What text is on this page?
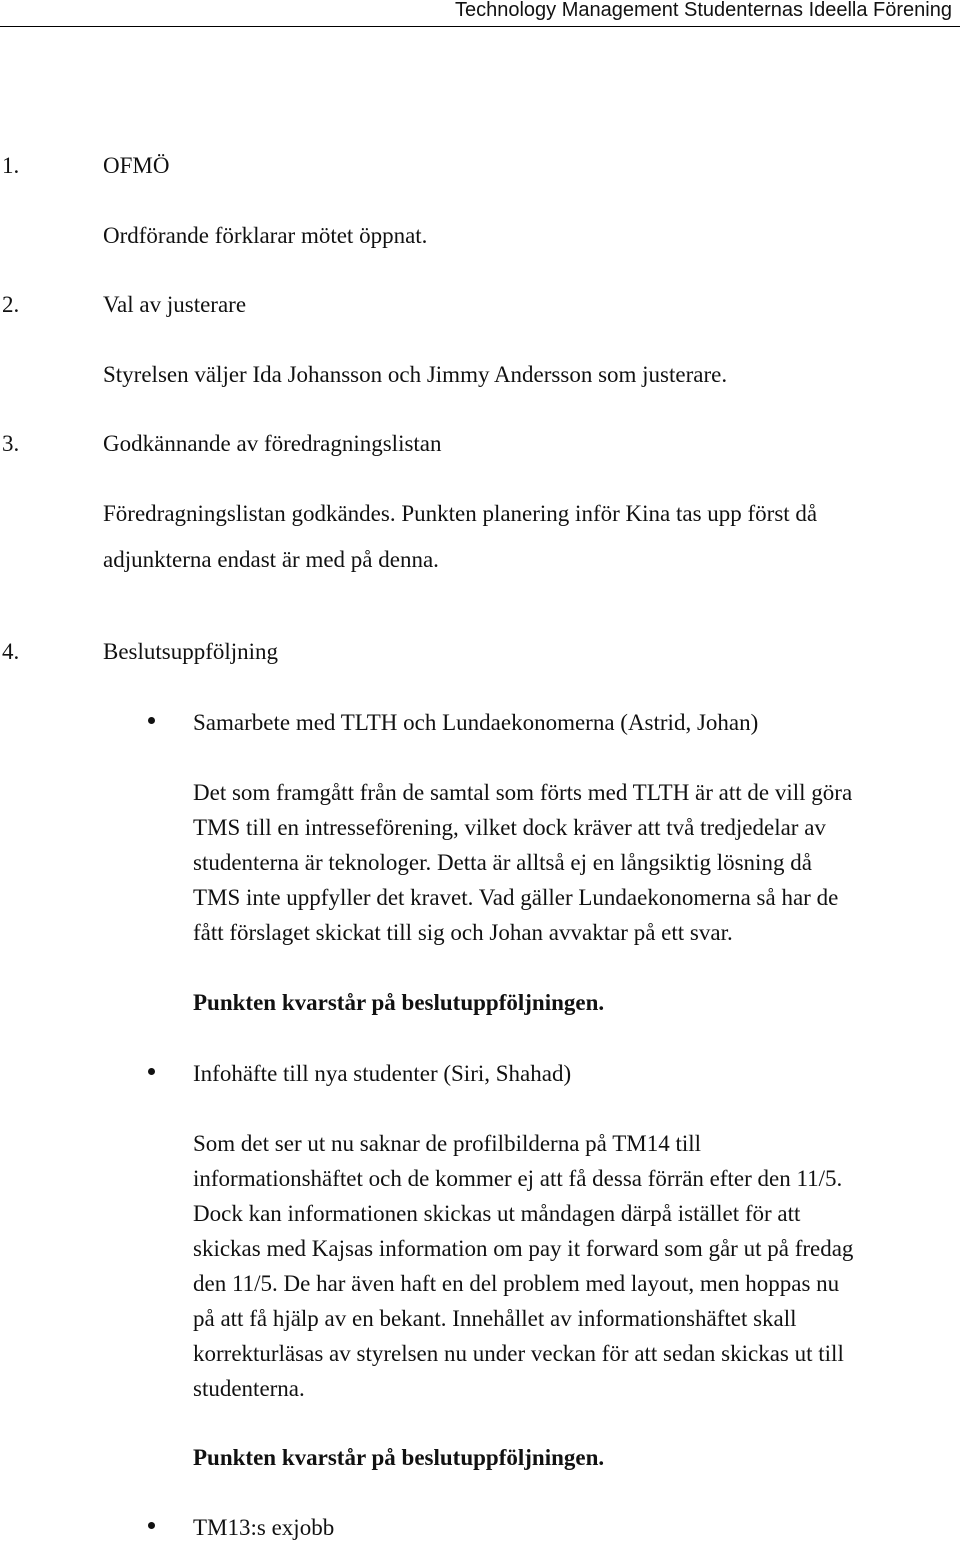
Technology Management Studenternas Ideella Förening
1.	OFMÖ
Ordförande förklarar mötet öppnat.
2.	Val av justerare
Styrelsen väljer Ida Johansson och Jimmy Andersson som justerare.
3.	Godkännande av föredragningslistan
Föredragningslistan godkändes. Punkten planering inför Kina tas upp först då
adjunkterna endast är med på denna.
4.	Beslutsuppföljning
Samarbete med TLTH och Lundaekonomerna (Astrid, Johan)
Det som framgått från de samtal som förts med TLTH är att de vill göra
TMS till en intresseförening, vilket dock kräver att två tredjedelar av
studenterna är teknologer. Detta är alltså ej en långsiktig lösning då
TMS inte uppfyller det kravet. Vad gäller Lundaekonomerna så har de
fått förslaget skickat till sig och Johan avvaktar på ett svar.
Punkten kvarstår på beslutuppföljningen.
Infohäfte till nya studenter (Siri, Shahad)
Som det ser ut nu saknar de profilbilderna på TM14 till
informationshäftet och de kommer ej att få dessa förrän efter den 11/5.
Dock kan informationen skickas ut måndagen därpå istället för att
skickas med Kajsas information om pay it forward som går ut på fredag
den 11/5. De har även haft en del problem med layout, men hoppas nu
på att få hjälp av en bekant. Innehållet av informationshäftet skall
korrekturläsas av styrelsen nu under veckan för att sedan skickas ut till
studenterna.
Punkten kvarstår på beslutuppföljningen.
TM13:s exjobb
